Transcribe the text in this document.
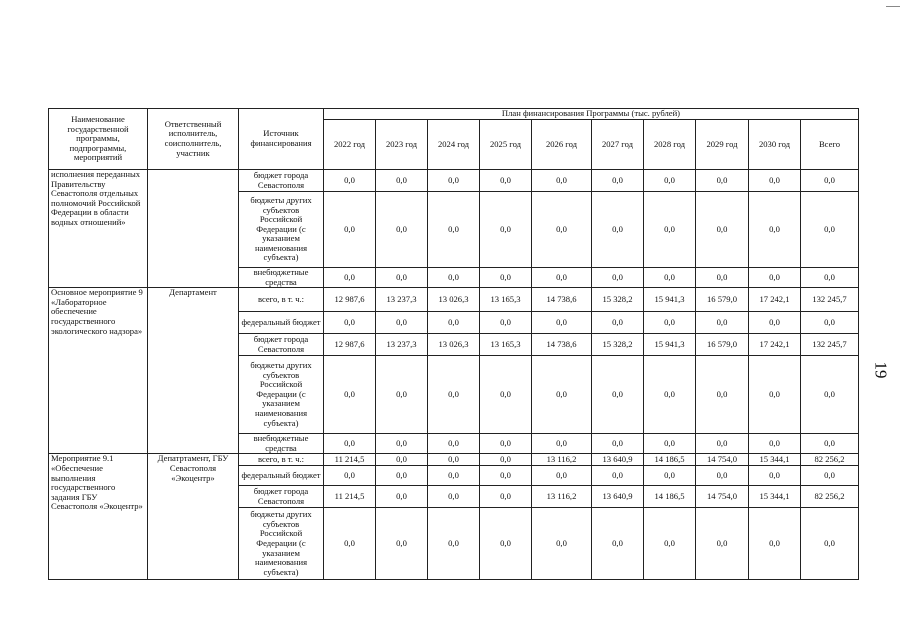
19
Наименование государственной программы, подпрограммы, мероприятий	Ответственный исполнитель, соисполнитель, участник	Источник финансирования	План финансирования Программы (тыс. рублей)									
			2022 год	2023 год	2024 год	2025 год	2026 год	2027 год	2028 год	2029 год	2030 год	Всего
исполнения переданных Правительству Севастополя отдельных полномочий Российской Федерации в области водных отношений»		бюджет города Севастополя	0,0	0,0	0,0	0,0	0,0	0,0	0,0	0,0	0,0	0,0
		бюджеты других субъектов Российской Федерации (с указанием наименования субъекта)	0,0	0,0	0,0	0,0	0,0	0,0	0,0	0,0	0,0	0,0
		внебюджетные средства	0,0	0,0	0,0	0,0	0,0	0,0	0,0	0,0	0,0	0,0
Основное мероприятие 9 «Лабораторное обеспечение государственного экологического надзора»	Департамент	всего, в т. ч.:	12 987,6	13 237,3	13 026,3	13 165,3	14 738,6	15 328,2	15 941,3	16 579,0	17 242,1	132 245,7
		федеральный бюджет	0,0	0,0	0,0	0,0	0,0	0,0	0,0	0,0	0,0	0,0
		бюджет города Севастополя	12 987,6	13 237,3	13 026,3	13 165,3	14 738,6	15 328,2	15 941,3	16 579,0	17 242,1	132 245,7
		бюджеты других субъектов Российской Федерации (с указанием наименования субъекта)	0,0	0,0	0,0	0,0	0,0	0,0	0,0	0,0	0,0	0,0
		внебюджетные средства	0,0	0,0	0,0	0,0	0,0	0,0	0,0	0,0	0,0	0,0
Мероприятие 9.1 «Обеспечение выполнения государственного задания ГБУ Севастополя «Экоцентр»	Депатртамент, ГБУ Севастополя «Экоцентр»	всего, в т. ч.:	11 214,5	0,0	0,0	0,0	13 116,2	13 640,9	14 186,5	14 754,0	15 344,1	82 256,2
		федеральный бюджет	0,0	0,0	0,0	0,0	0,0	0,0	0,0	0,0	0,0	0,0
		бюджет города Севастополя	11 214,5	0,0	0,0	0,0	13 116,2	13 640,9	14 186,5	14 754,0	15 344,1	82 256,2
		бюджеты других субъектов Российской Федерации (с указанием наименования субъекта)	0,0	0,0	0,0	0,0	0,0	0,0	0,0	0,0	0,0	0,0
